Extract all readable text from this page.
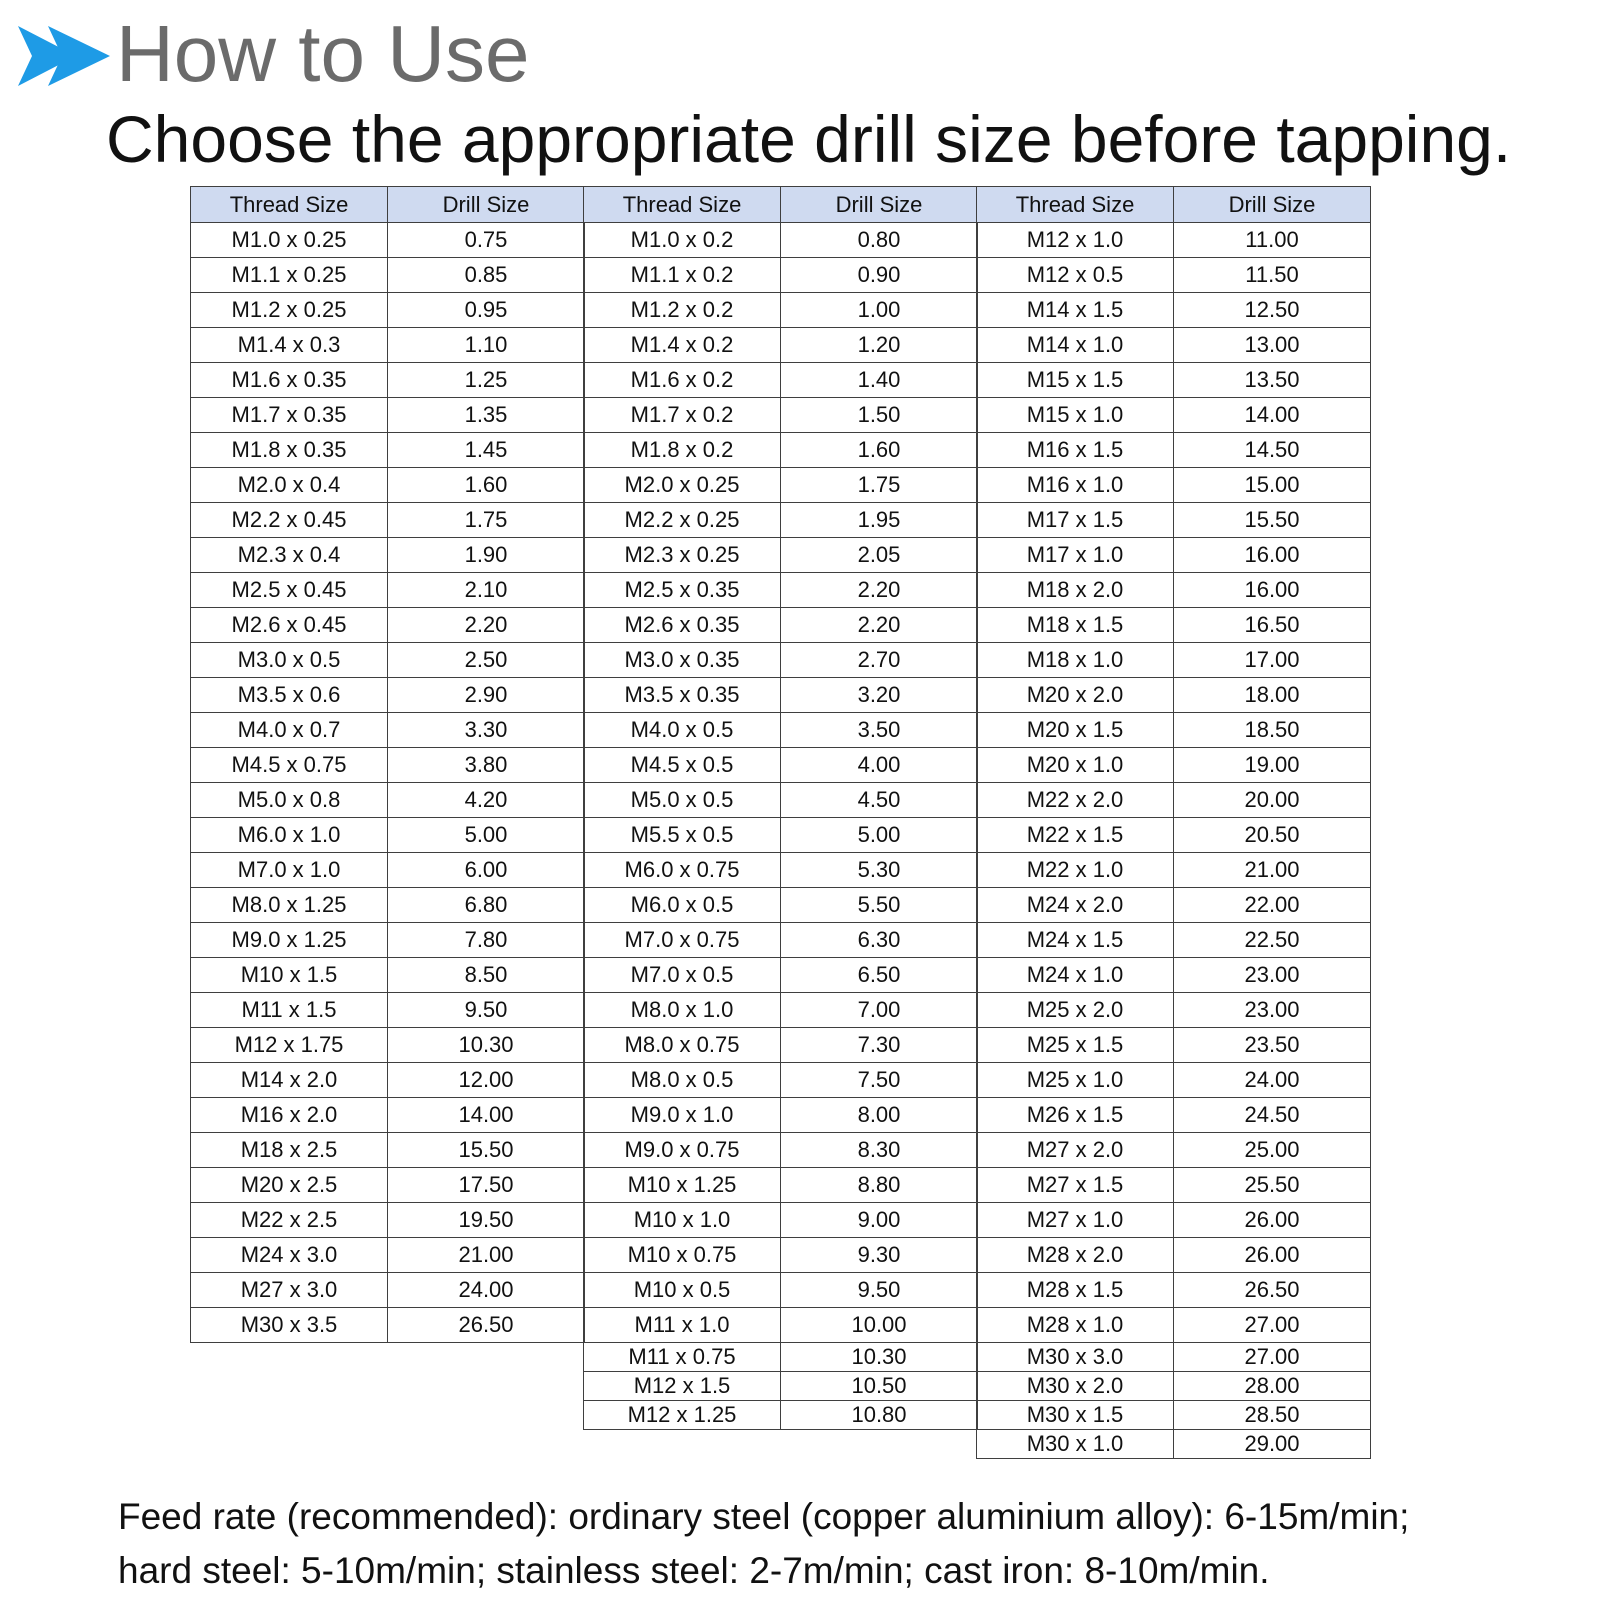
How to Use
Choose the appropriate drill size before tapping.
Thread Size	Drill Size
M1.0 x 0.25	0.75
M1.1 x 0.25	0.85
M1.2 x 0.25	0.95
M1.4 x 0.3	1.10
M1.6 x 0.35	1.25
M1.7 x 0.35	1.35
M1.8 x 0.35	1.45
M2.0 x 0.4	1.60
M2.2 x 0.45	1.75
M2.3 x 0.4	1.90
M2.5 x 0.45	2.10
M2.6 x 0.45	2.20
M3.0 x 0.5	2.50
M3.5 x 0.6	2.90
M4.0 x 0.7	3.30
M4.5 x 0.75	3.80
M5.0 x 0.8	4.20
M6.0 x 1.0	5.00
M7.0 x 1.0	6.00
M8.0 x 1.25	6.80
M9.0 x 1.25	7.80
M10 x 1.5	8.50
M11 x 1.5	9.50
M12 x 1.75	10.30
M14 x 2.0	12.00
M16 x 2.0	14.00
M18 x 2.5	15.50
M20 x 2.5	17.50
M22 x 2.5	19.50
M24 x 3.0	21.00
M27 x 3.0	24.00
M30 x 3.5	26.50
Thread Size	Drill Size
M1.0 x 0.2	0.80
M1.1 x 0.2	0.90
M1.2 x 0.2	1.00
M1.4 x 0.2	1.20
M1.6 x 0.2	1.40
M1.7 x 0.2	1.50
M1.8 x 0.2	1.60
M2.0 x 0.25	1.75
M2.2 x 0.25	1.95
M2.3 x 0.25	2.05
M2.5 x 0.35	2.20
M2.6 x 0.35	2.20
M3.0 x 0.35	2.70
M3.5 x 0.35	3.20
M4.0 x 0.5	3.50
M4.5 x 0.5	4.00
M5.0 x 0.5	4.50
M5.5 x 0.5	5.00
M6.0 x 0.75	5.30
M6.0 x 0.5	5.50
M7.0 x 0.75	6.30
M7.0 x 0.5	6.50
M8.0 x 1.0	7.00
M8.0 x 0.75	7.30
M8.0 x 0.5	7.50
M9.0 x 1.0	8.00
M9.0 x 0.75	8.30
M10 x 1.25	8.80
M10 x 1.0	9.00
M10 x 0.75	9.30
M10 x 0.5	9.50
M11 x 1.0	10.00
M11 x 0.75	10.30
M12 x 1.5	10.50
M12 x 1.25	10.80
Thread Size	Drill Size
M12 x 1.0	11.00
M12 x 0.5	11.50
M14 x 1.5	12.50
M14 x 1.0	13.00
M15 x 1.5	13.50
M15 x 1.0	14.00
M16 x 1.5	14.50
M16 x 1.0	15.00
M17 x 1.5	15.50
M17 x 1.0	16.00
M18 x 2.0	16.00
M18 x 1.5	16.50
M18 x 1.0	17.00
M20 x 2.0	18.00
M20 x 1.5	18.50
M20 x 1.0	19.00
M22 x 2.0	20.00
M22 x 1.5	20.50
M22 x 1.0	21.00
M24 x 2.0	22.00
M24 x 1.5	22.50
M24 x 1.0	23.00
M25 x 2.0	23.00
M25 x 1.5	23.50
M25 x 1.0	24.00
M26 x 1.5	24.50
M27 x 2.0	25.00
M27 x 1.5	25.50
M27 x 1.0	26.00
M28 x 2.0	26.00
M28 x 1.5	26.50
M28 x 1.0	27.00
M30 x 3.0	27.00
M30 x 2.0	28.00
M30 x 1.5	28.50
M30 x 1.0	29.00
Feed rate (recommended): ordinary steel (copper aluminium alloy): 6-15m/min;
hard steel: 5-10m/min; stainless steel: 2-7m/min; cast iron: 8-10m/min.
